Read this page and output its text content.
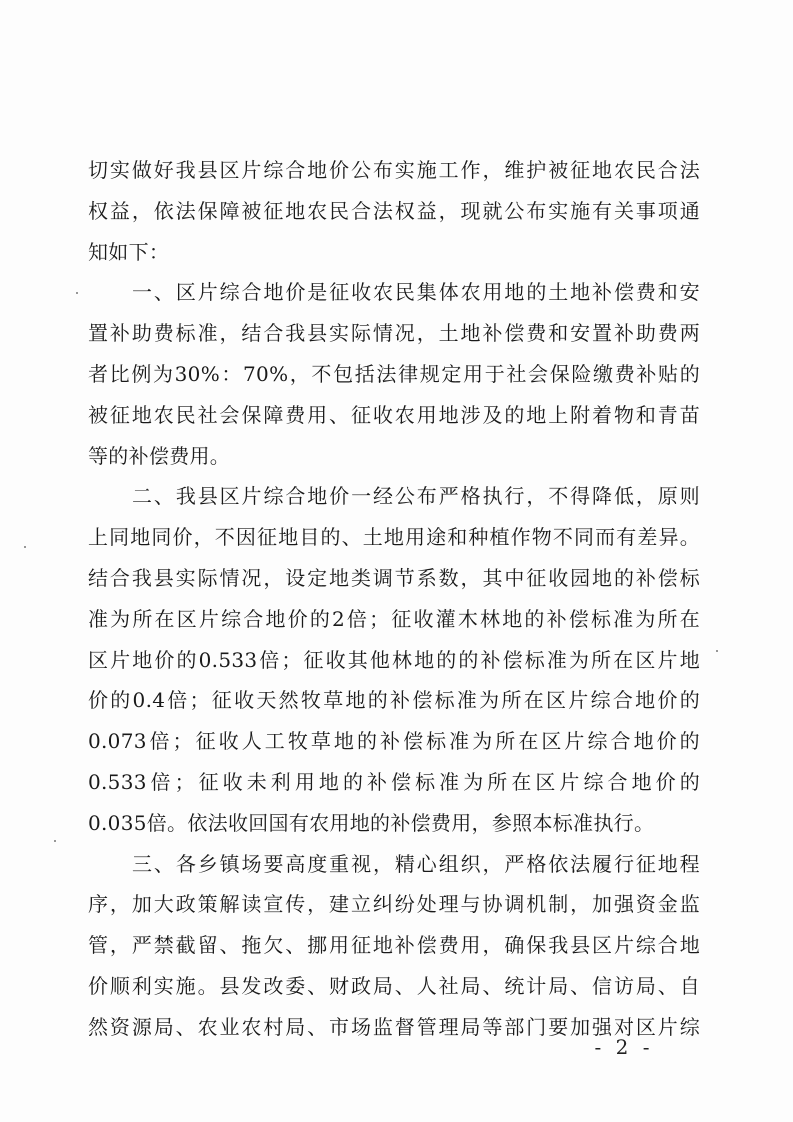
切实做好我县区片综合地价公布实施工作，维护被征地农民合法
权益，依法保障被征地农民合法权益，现就公布实施有关事项通
知如下：
一、区片综合地价是征收农民集体农用地的土地补偿费和安
置补助费标准，结合我县实际情况，土地补偿费和安置补助费两
者比例为30%：70%，不包括法律规定用于社会保险缴费补贴的
被征地农民社会保障费用、征收农用地涉及的地上附着物和青苗
等的补偿费用。
二、我县区片综合地价一经公布严格执行，不得降低，原则
上同地同价，不因征地目的、土地用途和种植作物不同而有差异。
结合我县实际情况，设定地类调节系数，其中征收园地的补偿标
准为所在区片综合地价的2倍；征收灌木林地的补偿标准为所在
区片地价的0.533倍；征收其他林地的的补偿标准为所在区片地
价的0.4倍；征收天然牧草地的补偿标准为所在区片综合地价的
0.073倍；征收人工牧草地的补偿标准为所在区片综合地价的
0.533倍；征收未利用地的补偿标准为所在区片综合地价的
0.035倍。依法收回国有农用地的补偿费用，参照本标准执行。
三、各乡镇场要高度重视，精心组织，严格依法履行征地程
序，加大政策解读宣传，建立纠纷处理与协调机制，加强资金监
管，严禁截留、拖欠、挪用征地补偿费用，确保我县区片综合地
价顺利实施。县发改委、财政局、人社局、统计局、信访局、自
然资源局、农业农村局、市场监督管理局等部门要加强对区片综
- 2 -
